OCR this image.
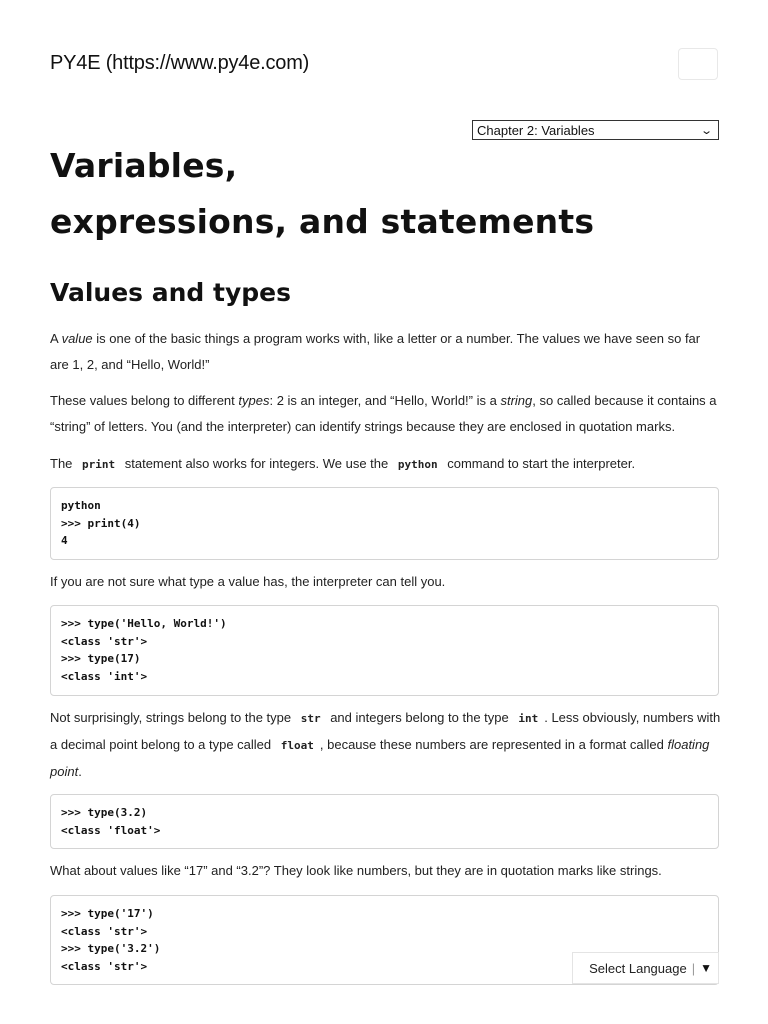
PY4E (https://www.py4e.com)
Chapter 2: Variables	⌄
Variables,
expressions, and statements
Values and types

A value is one of the basic things a program works with, like a letter or a number. The values we have seen so far are 1, 2, and “Hello, World!”

These values belong to different types: 2 is an integer, and “Hello, World!” is a string, so called because it contains a “string” of letters. You (and the interpreter) can identify strings because they are enclosed in quotation marks.

The print statement also works for integers. We use the python command to start the interpreter.

python
>>> print(4)
4

If you are not sure what type a value has, the interpreter can tell you.

>>> type('Hello, World!')
<class 'str'>
>>> type(17)
<class 'int'>

Not surprisingly, strings belong to the type str and integers belong to the type int . Less obviously, numbers with a decimal point belong to a type called float , because these numbers are represented in a format called floating point.

>>> type(3.2)
<class 'float'>

What about values like “17” and “3.2”? They look like numbers, but they are in quotation marks like strings.

>>> type('17')
<class 'str'>
>>> type('3.2')
<class 'str'>	Select Language | ▼
